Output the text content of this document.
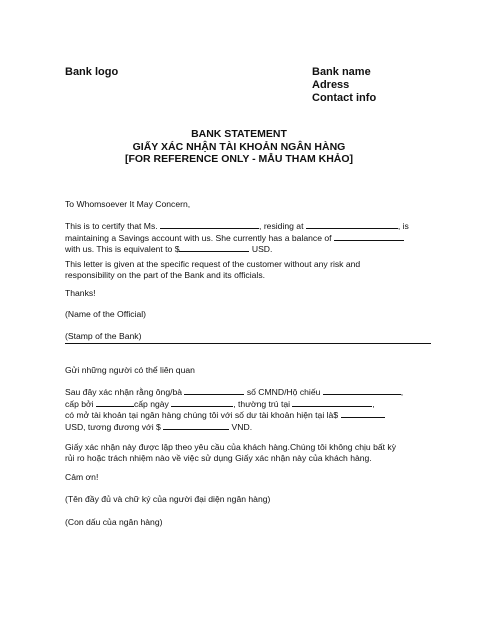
Bank logo	Bank name
Adress
Contact info
BANK STATEMENT
GIẤY XÁC NHẬN TÀI KHOẢN NGÂN HÀNG
[FOR REFERENCE ONLY - MẪU THAM KHẢO]
To Whomsoever It May Concern,
This is to certify that Ms.	, residing at	, is
maintaining a Savings account with us. She currently has a balance of
with us. This is equivalent to $	USD.
This letter is given at the specific request of the customer without any risk and
responsibility on the part of the Bank and its officials.
Thanks!
(Name of the Official)
(Stamp of the Bank)
Gửi những người có thể liên quan
Sau đây xác nhận rằng ông/bà	số CMND/Hộ chiếu	,
cấp bởi	cấp ngày	, thường trú tại	,
có mở tài khoản tại ngân hàng chúng tôi với số dư tài khoản hiện tại là$
USD, tương đương với $	VND.
Giấy xác nhận này được lập theo yêu cầu của khách hàng.Chúng tôi không chịu bất kỳ
rủi ro hoặc trách nhiệm nào về việc sử dụng Giấy xác nhận này của khách hàng.
Cảm ơn!
(Tên đầy đủ và chữ ký của người đại diện ngân hàng)
(Con dấu của ngân hàng)
